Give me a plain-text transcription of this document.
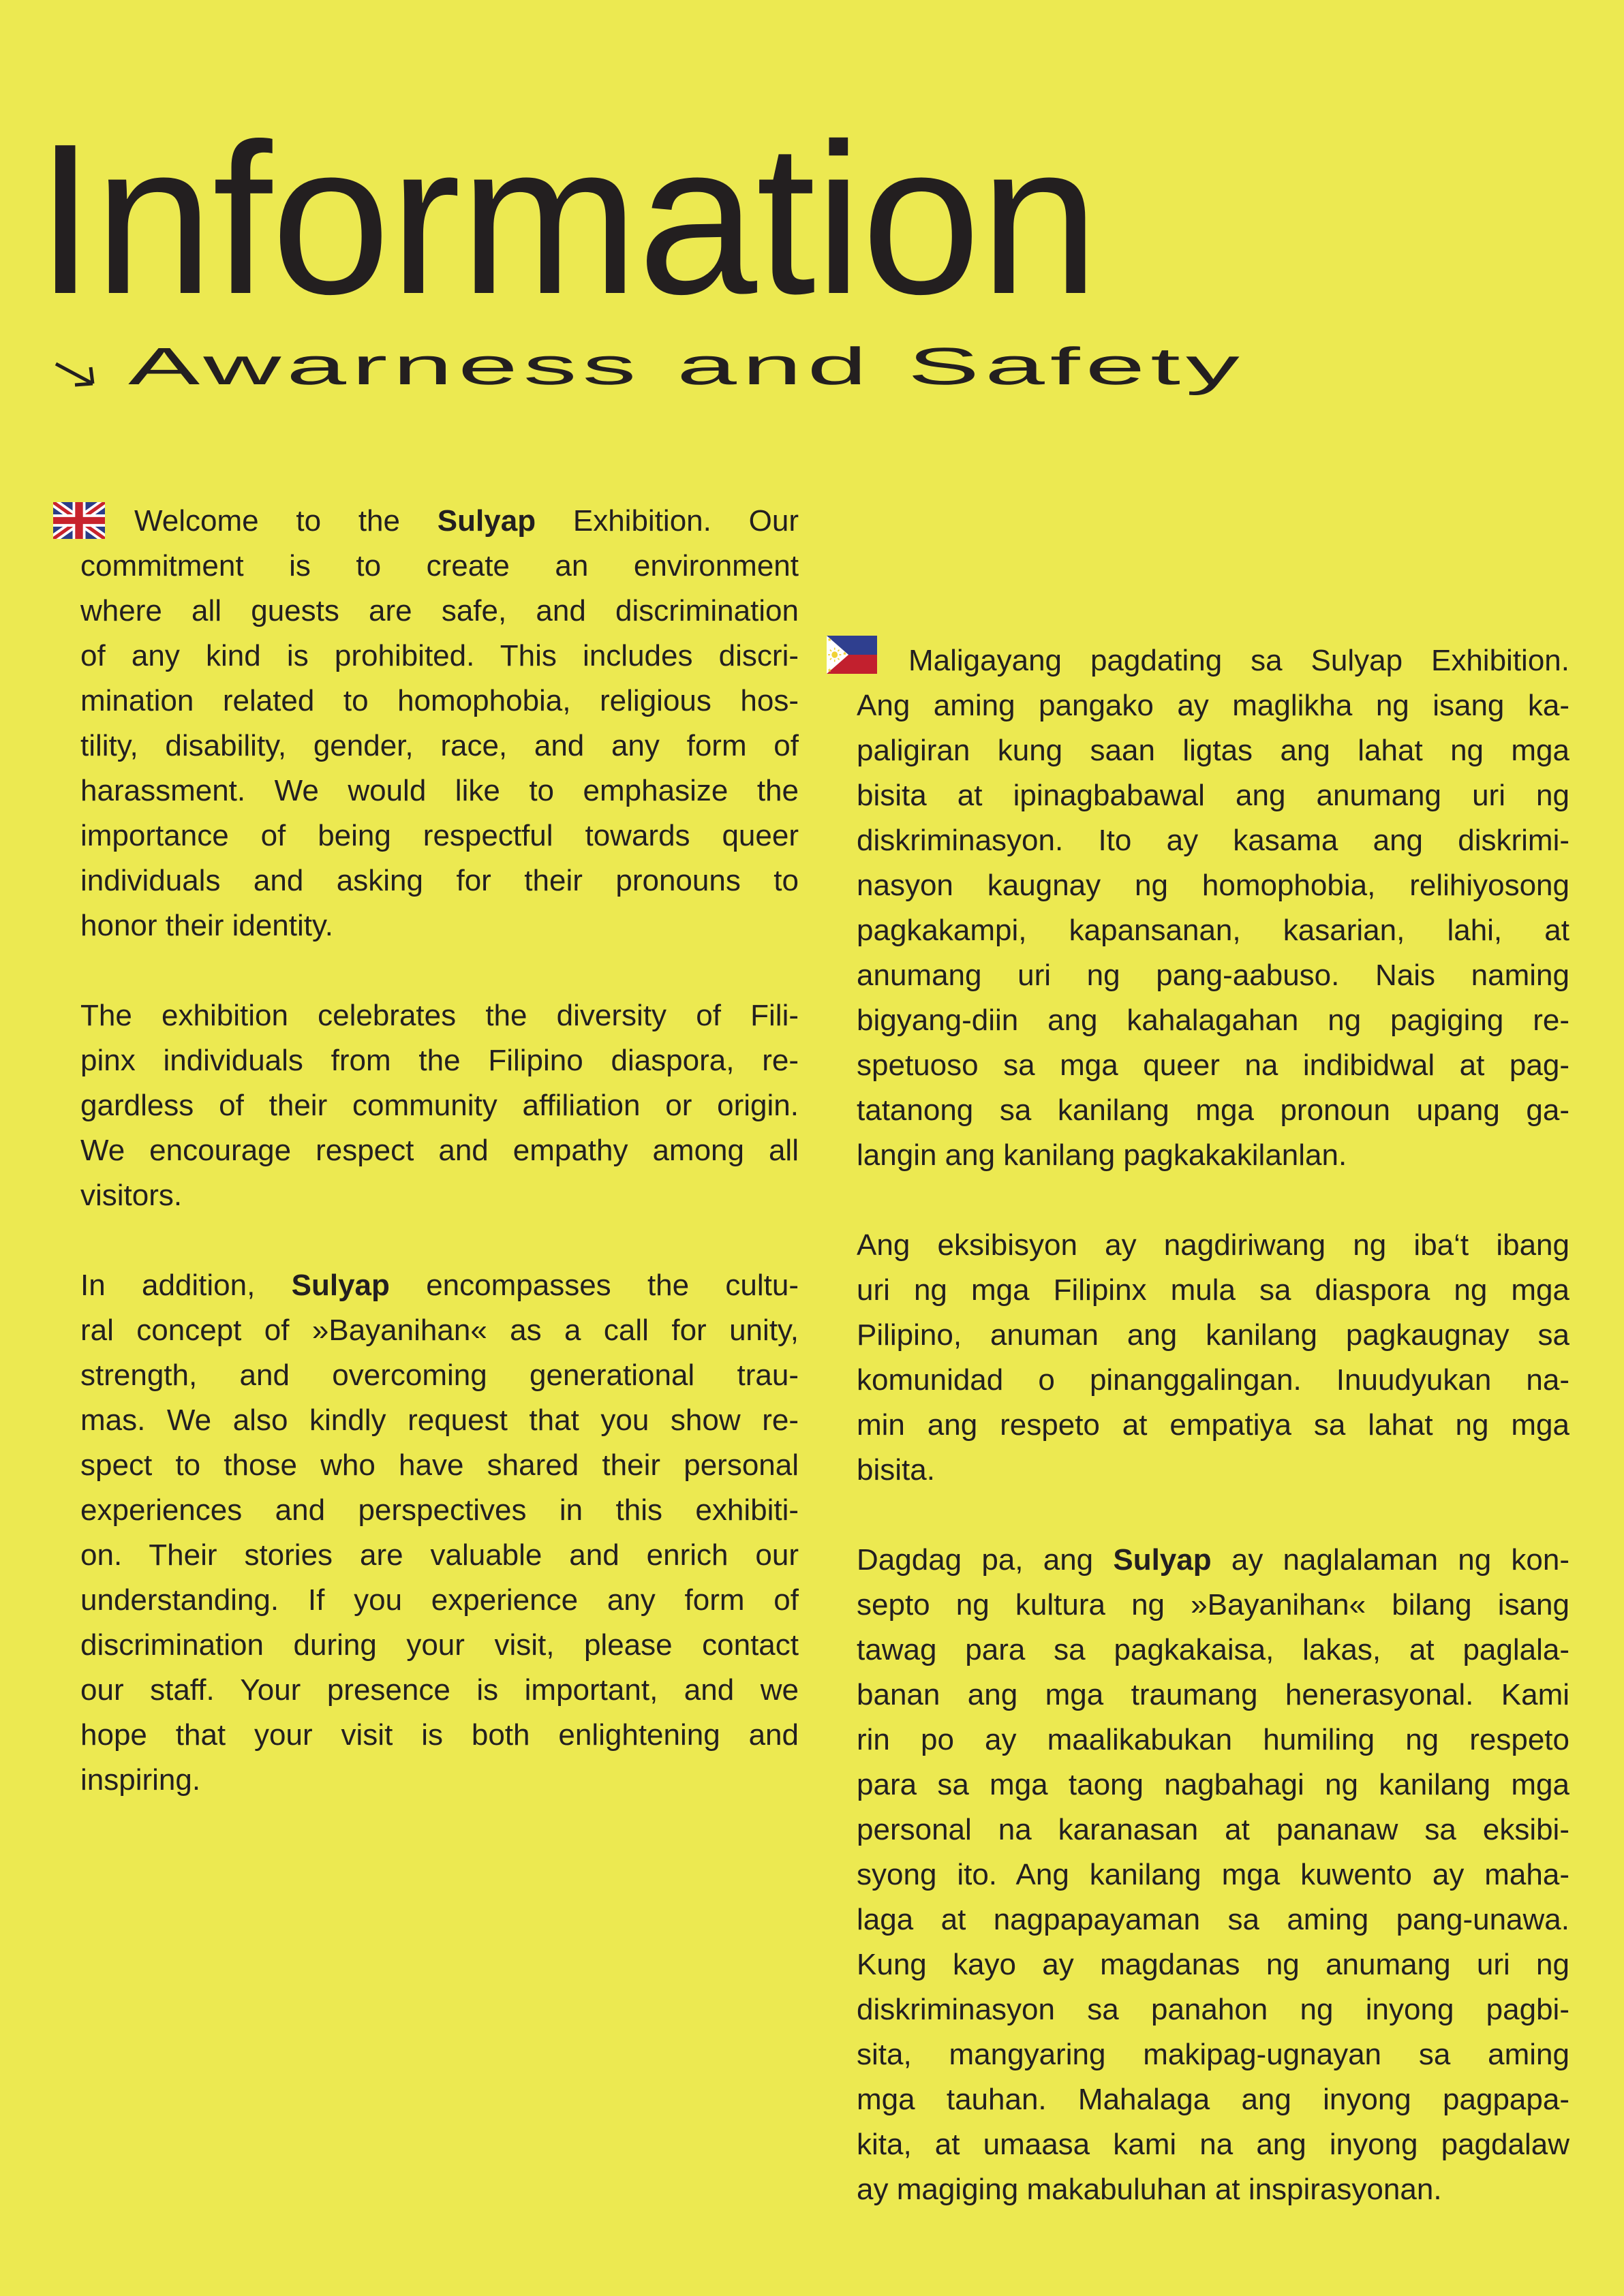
Information
Awarness and Safety
Welcome to the Sulyap Exhibition. Our
commitment is to create an environment
where all guests are safe, and discrimination
of any kind is prohibited. This includes discri-
mination related to homophobia, religious hos-
tility, disability, gender, race, and any form of
harassment. We would like to emphasize the
importance of being respectful towards queer
individuals and asking for their pronouns to
honor their identity.
The exhibition celebrates the diversity of Fili-
pinx individuals from the Filipino diaspora, re-
gardless of their community affiliation or origin.
We encourage respect and empathy among all
visitors.
In addition, Sulyap encompasses the cultu-
ral concept of »Bayanihan« as a call for unity,
strength, and overcoming generational trau-
mas. We also kindly request that you show re-
spect to those who have shared their personal
experiences and perspectives in this exhibiti-
on. Their stories are valuable and enrich our
understanding. If you experience any form of
discrimination during your visit, please contact
our staff. Your presence is important, and we
hope that your visit is both enlightening and
inspiring.
Maligayang pagdating sa Sulyap Exhibition.
Ang aming pangako ay maglikha ng isang ka-
paligiran kung saan ligtas ang lahat ng mga
bisita at ipinagbabawal ang anumang uri ng
diskriminasyon. Ito ay kasama ang diskrimi-
nasyon kaugnay ng homophobia, relihiyosong
pagkakampi, kapansanan, kasarian, lahi, at
anumang uri ng pang-aabuso. Nais naming
bigyang-diin ang kahalagahan ng pagiging re-
spetuoso sa mga queer na indibidwal at pag-
tatanong sa kanilang mga pronoun upang ga-
langin ang kanilang pagkakakilanlan.
Ang eksibisyon ay nagdiriwang ng iba‘t ibang
uri ng mga Filipinx mula sa diaspora ng mga
Pilipino, anuman ang kanilang pagkaugnay sa
komunidad o pinanggalingan. Inuudyukan na-
min ang respeto at empatiya sa lahat ng mga
bisita.
Dagdag pa, ang Sulyap ay naglalaman ng kon-
septo ng kultura ng »Bayanihan« bilang isang
tawag para sa pagkakaisa, lakas, at paglala-
banan ang mga traumang henerasyonal. Kami
rin po ay maalikabukan humiling ng respeto
para sa mga taong nagbahagi ng kanilang mga
personal na karanasan at pananaw sa eksibi-
syong ito. Ang kanilang mga kuwento ay maha-
laga at nagpapayaman sa aming pang-unawa.
Kung kayo ay magdanas ng anumang uri ng
diskriminasyon sa panahon ng inyong pagbi-
sita, mangyaring makipag-ugnayan sa aming
mga tauhan. Mahalaga ang inyong pagpapa-
kita, at umaasa kami na ang inyong pagdalaw
ay magiging makabuluhan at inspirasyonan.
